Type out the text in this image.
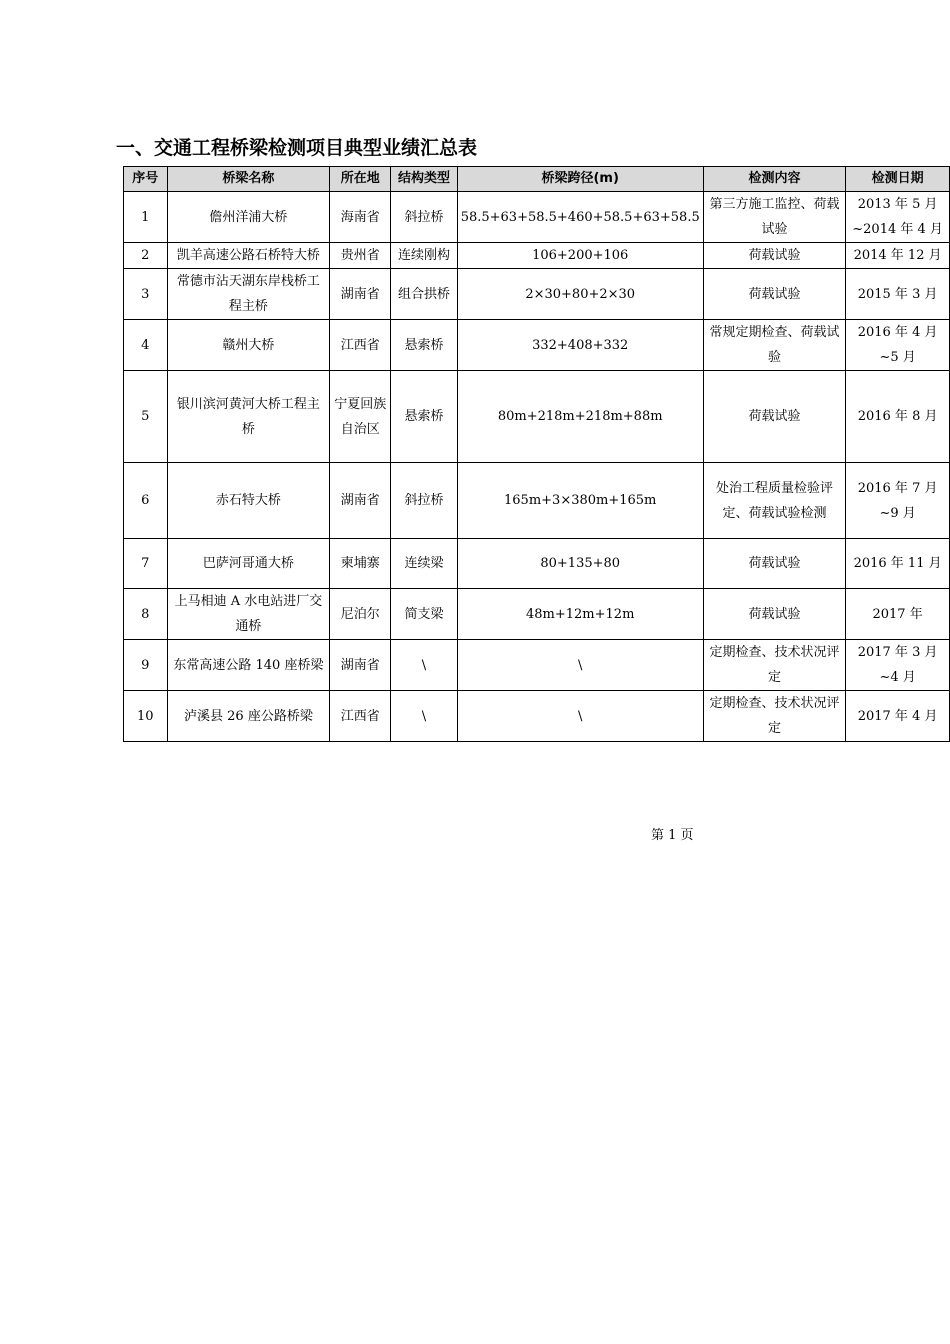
一、交通工程桥梁检测项目典型业绩汇总表
序号	桥梁名称	所在地	结构类型	桥梁跨径(m)	检测内容	检测日期
1	儋州洋浦大桥	海南省	斜拉桥	58.5+63+58.5+460+58.5+63+58.5	第三方施工监控、荷载试验	2013 年 5 月~2014 年 4 月
2	凯羊高速公路石桥特大桥	贵州省	连续刚构	106+200+106	荷载试验	2014 年 12 月
3	常德市沾天湖东岸栈桥工程主桥	湖南省	组合拱桥	2×30+80+2×30	荷载试验	2015 年 3 月
4	赣州大桥	江西省	悬索桥	332+408+332	常规定期检查、荷载试验	2016 年 4 月~5 月
5	银川滨河黄河大桥工程主桥	宁夏回族自治区	悬索桥	80m+218m+218m+88m	荷载试验	2016 年 8 月
6	赤石特大桥	湖南省	斜拉桥	165m+3×380m+165m	处治工程质量检验评定、荷载试验检测	2016 年 7 月~9 月
7	巴萨河哥通大桥	柬埔寨	连续梁	80+135+80	荷载试验	2016 年 11 月
8	上马相迪 A 水电站进厂交通桥	尼泊尔	简支梁	48m+12m+12m	荷载试验	2017 年
9	东常高速公路 140 座桥梁	湖南省	\	\	定期检查、技术状况评定	2017 年 3 月~4 月
10	泸溪县 26 座公路桥梁	江西省	\	\	定期检查、技术状况评定	2017 年 4 月
第 1 页
